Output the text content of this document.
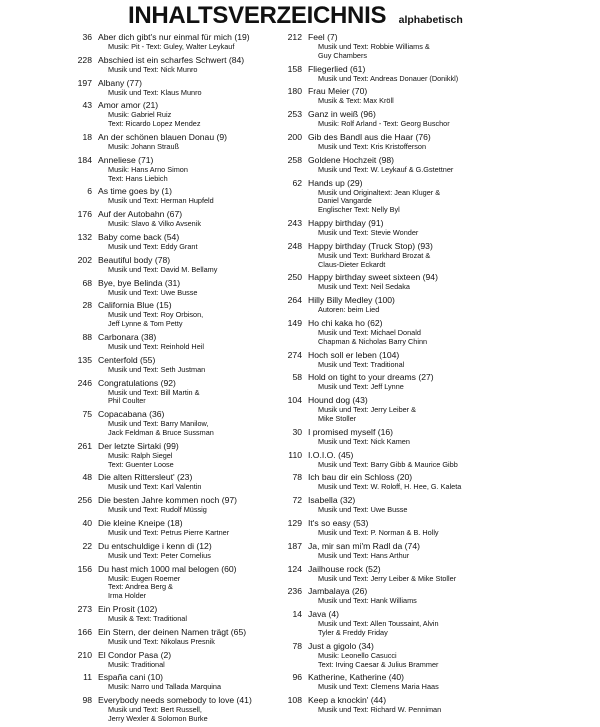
INHALTSVERZEICHNIS alphabetisch
36 Aber dich gibt's nur einmal für mich (19)
Musik: Pit - Text: Guley, Walter Leykauf
228 Abschied ist ein scharfes Schwert (84)
Musik und Text: Nick Munro
197 Albany (77)
Musik und Text: Klaus Munro
43 Amor amor (21)
Musik: Gabriel Ruiz
Text: Ricardo Lopez Mendez
18 An der schönen blauen Donau (9)
Musik: Johann Strauß
184 Anneliese (71)
Musik: Hans Arno Simon
Text: Hans Liebich
6 As time goes by (1)
Musik und Text: Herman Hupfeld
176 Auf der Autobahn (67)
Musik: Slavo & Vilko Avsenik
132 Baby come back (54)
Musik und Text: Eddy Grant
202 Beautiful body (78)
Musik und Text: David M. Bellamy
68 Bye, bye Belinda (31)
Musik und Text: Uwe Busse
28 California Blue (15)
Musik und Text: Roy Orbison,
Jeff Lynne & Tom Petty
88 Carbonara (38)
Musik und Text: Reinhold Heil
135 Centerfold (55)
Musik und Text: Seth Justman
246 Congratulations (92)
Musik und Text: Bill Martin &
Phil Coulter
75 Copacabana (36)
Musik und Text: Barry Manilow,
Jack Feldman & Bruce Sussman
261 Der letzte Sirtaki (99)
Musik: Ralph Siegel
Text: Guenter Loose
48 Die alten Rittersleut' (23)
Musik und Text: Karl Valentin
256 Die besten Jahre kommen noch (97)
Musik und Text: Rudolf Müssig
40 Die kleine Kneipe (18)
Musik und Text: Petrus Pierre Kartner
22 Du entschuldige i kenn di (12)
Musik und Text: Peter Cornelius
156 Du hast mich 1000 mal belogen (60)
Musik: Eugen Roemer
Text: Andrea Berg &
Irma Holder
273 Ein Prosit (102)
Musik & Text: Traditional
166 Ein Stern, der deinen Namen trägt (65)
Musik und Text: Nikolaus Presnik
210 El Condor Pasa (2)
Musik: Traditional
11 España cani (10)
Musik: Narro und Tallada Marquina
98 Everybody needs somebody to love (41)
Musik und Text: Bert Russell,
Jerry Wexler & Solomon Burke
212 Feel (7)
Musik und Text: Robbie Williams &
Guy Chambers
158 Fliegerlied (61)
Musik und Text: Andreas Donauer (Donikkl)
180 Frau Meier (70)
Musik & Text: Max Kröll
253 Ganz in weiß (96)
Musik: Rolf Arland - Text: Georg Buschor
200 Gib des Bandl aus die Haar (76)
Musik und Text: Kris Kristofferson
258 Goldene Hochzeit (98)
Musik und Text: W. Leykauf & G.Gstettner
62 Hands up (29)
Musik und Originaltext: Jean Kluger &
Daniel Vangarde
Englischer Text: Nelly Byl
243 Happy birthday (91)
Musik und Text: Stevie Wonder
248 Happy birthday (Truck Stop) (93)
Musik und Text: Burkhard Brozat &
Claus-Dieter Eckardt
250 Happy birthday sweet sixteen (94)
Musik und Text: Neil Sedaka
264 Hilly Billy Medley (100)
Autoren: beim Lied
149 Ho chi kaka ho (62)
Musik und Text: Michael Donald
Chapman & Nicholas Barry Chinn
274 Hoch soll er leben (104)
Musik und Text: Traditional
58 Hold on tight to your dreams (27)
Musik und Text: Jeff Lynne
104 Hound dog (43)
Musik und Text: Jerry Leiber &
Mike Stoller
30 I promised myself (16)
Musik und Text: Nick Kamen
110 I.O.I.O. (45)
Musik und Text: Barry Gibb & Maurice Gibb
78 Ich bau dir ein Schloss (20)
Musik und Text: W. Roloff, H. Hee, G. Kaleta
72 Isabella (32)
Musik und Text: Uwe Busse
129 It's so easy (53)
Musik und Text: P. Norman & B. Holly
187 Ja, mir san mi'm Radl da (74)
Musik und Text: Hans Arthur
124 Jailhouse rock (52)
Musik und Text: Jerry Leiber & Mike Stoller
236 Jambalaya (26)
Musik und Text: Hank Williams
14 Java (4)
Musik und Text: Allen Toussaint, Alvin
Tyler & Freddy Friday
78 Just a gigolo (34)
Musik: Leonello Casucci
Text: Irving Caesar & Julius Brammer
96 Katherine, Katherine (40)
Musik und Text: Clemens Maria Haas
108 Keep a knockin' (44)
Musik und Text: Richard W. Penniman
